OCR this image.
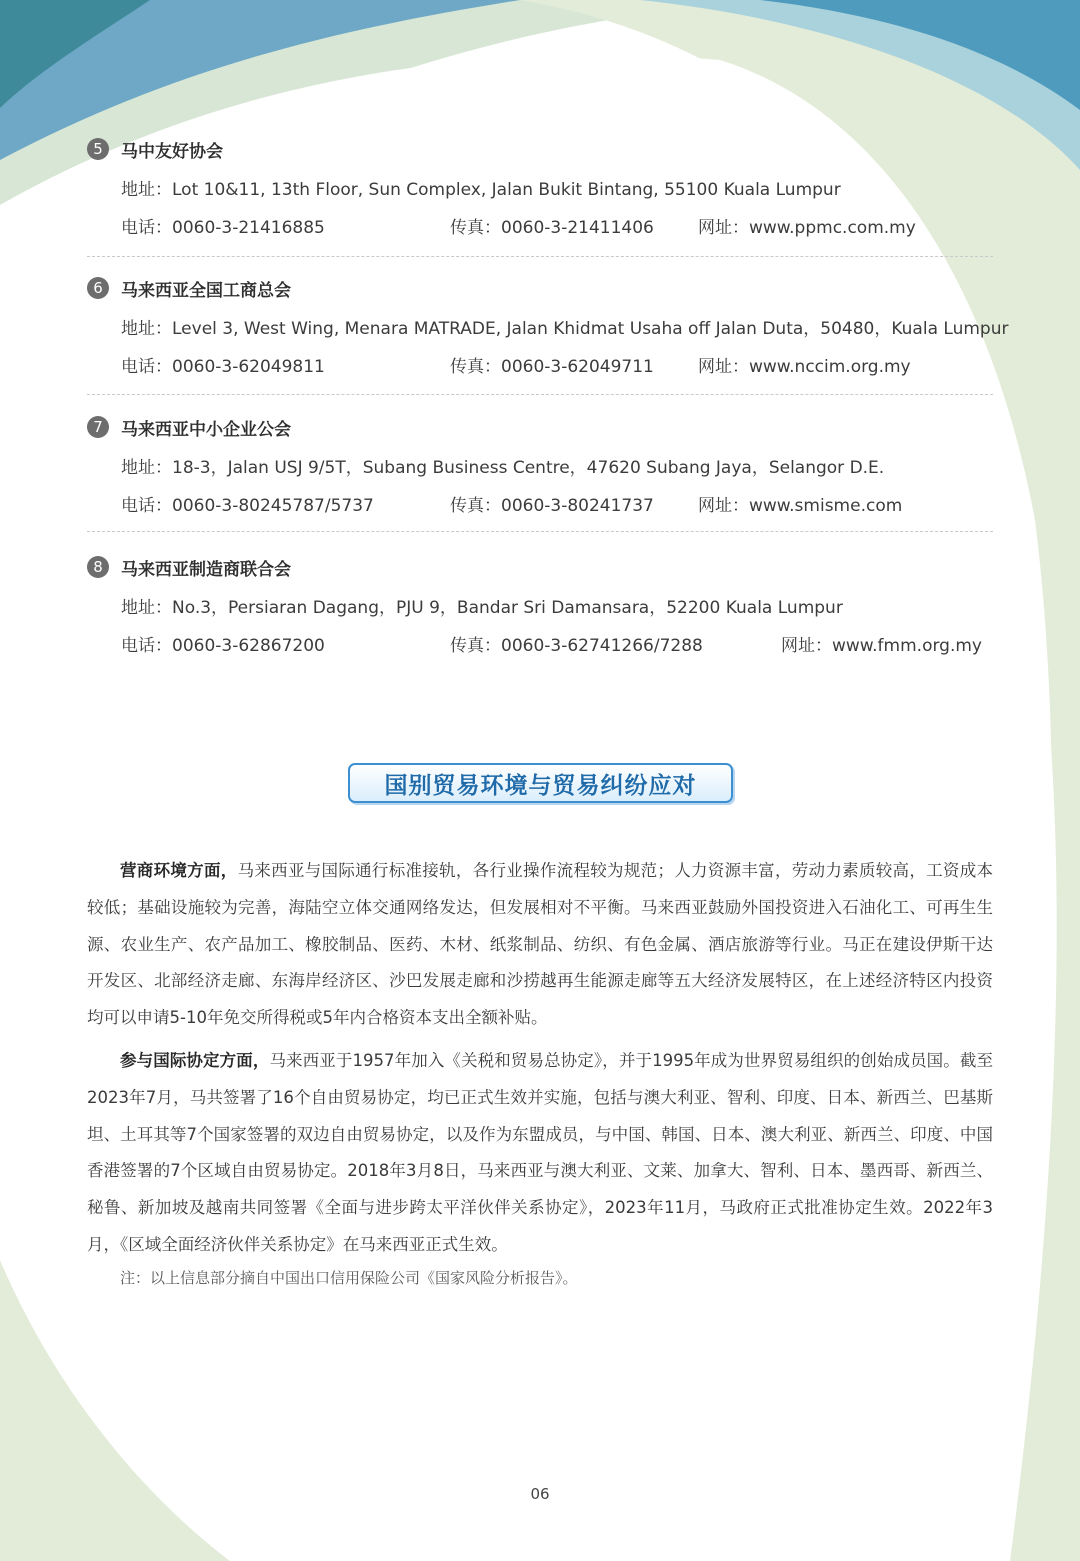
5	马中友好协会
地址：Lot 10&11, 13th Floor, Sun Complex, Jalan Bukit Bintang, 55100 Kuala Lumpur
电话：0060-3-21416885	传真：0060-3-21411406	网址：www.ppmc.com.my
6	马来西亚全国工商总会
地址：Level 3, West Wing, Menara MATRADE, Jalan Khidmat Usaha off Jalan Duta，50480，Kuala Lumpur
电话：0060-3-62049811	传真：0060-3-62049711	网址：www.nccim.org.my
7	马来西亚中小企业公会
地址：18-3，Jalan USJ 9/5T，Subang Business Centre，47620 Subang Jaya，Selangor D.E.
电话：0060-3-80245787/5737	传真：0060-3-80241737	网址：www.smisme.com
8	马来西亚制造商联合会
地址：No.3，Persiaran Dagang，PJU 9，Bandar Sri Damansara，52200 Kuala Lumpur
电话：0060-3-62867200	传真：0060-3-62741266/7288	网址：www.fmm.org.my
国别贸易环境与贸易纠纷应对

营商环境方面，马来西亚与国际通行标准接轨，各行业操作流程较为规范；人力资源丰富，劳动力素质较高，工资成本较低；基础设施较为完善，海陆空立体交通网络发达，但发展相对不平衡。马来西亚鼓励外国投资进入石油化工、可再生生源、农业生产、农产品加工、橡胶制品、医药、木材、纸浆制品、纺织、有色金属、酒店旅游等行业。马正在建设伊斯干达开发区、北部经济走廊、东海岸经济区、沙巴发展走廊和沙捞越再生能源走廊等五大经济发展特区，在上述经济特区内投资均可以申请5-10年免交所得税或5年内合格资本支出全额补贴。

参与国际协定方面，马来西亚于1957年加入《关税和贸易总协定》，并于1995年成为世界贸易组织的创始成员国。截至2023年7月，马共签署了16个自由贸易协定，均已正式生效并实施，包括与澳大利亚、智利、印度、日本、新西兰、巴基斯坦、土耳其等7个国家签署的双边自由贸易协定，以及作为东盟成员，与中国、韩国、日本、澳大利亚、新西兰、印度、中国香港签署的7个区域自由贸易协定。2018年3月8日，马来西亚与澳大利亚、文莱、加拿大、智利、日本、墨西哥、新西兰、秘鲁、新加坡及越南共同签署《全面与进步跨太平洋伙伴关系协定》，2023年11月，马政府正式批准协定生效。2022年3月，《区域全面经济伙伴关系协定》在马来西亚正式生效。

注：以上信息部分摘自中国出口信用保险公司《国家风险分析报告》。
06
